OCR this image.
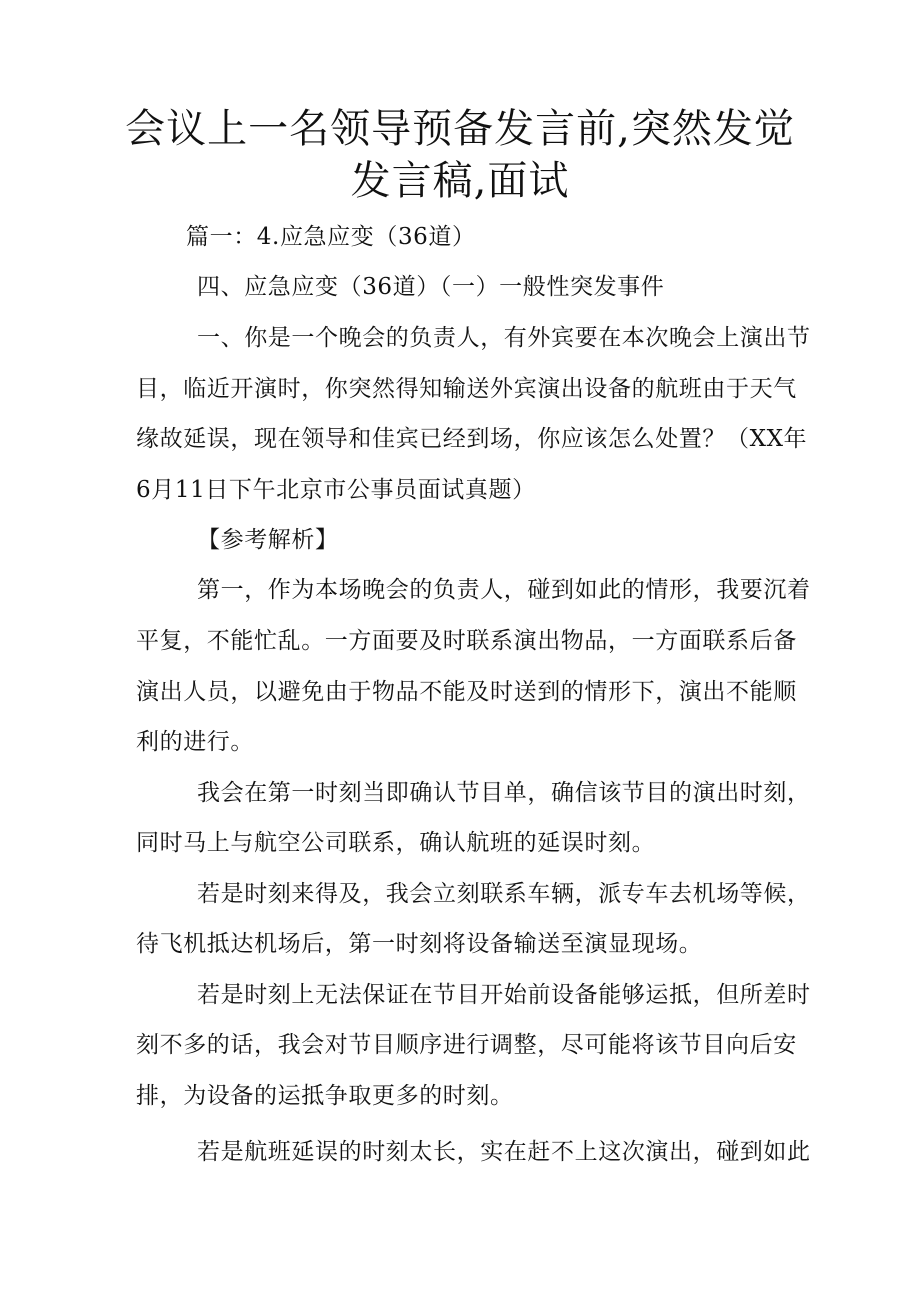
会议上一名领导预备发言前,突然发觉
发言稿,面试
篇一：4.应急应变（36道）
四、应急应变（36道）（一）一般性突发事件
一、你是一个晚会的负责人，有外宾要在本次晚会上演出节
目，临近开演时，你突然得知输送外宾演出设备的航班由于天气
缘故延误，现在领导和佳宾已经到场，你应该怎么处置？（XX年
6月11日下午北京市公事员面试真题）
【参考解析】
第一，作为本场晚会的负责人，碰到如此的情形，我要沉着
平复，不能忙乱。一方面要及时联系演出物品，一方面联系后备
演出人员，以避免由于物品不能及时送到的情形下，演出不能顺
利的进行。
我会在第一时刻当即确认节目单，确信该节目的演出时刻，
同时马上与航空公司联系，确认航班的延误时刻。
若是时刻来得及，我会立刻联系车辆，派专车去机场等候，
待飞机抵达机场后，第一时刻将设备输送至演显现场。
若是时刻上无法保证在节目开始前设备能够运抵，但所差时
刻不多的话，我会对节目顺序进行调整，尽可能将该节目向后安
排，为设备的运抵争取更多的时刻。
若是航班延误的时刻太长，实在赶不上这次演出，碰到如此
